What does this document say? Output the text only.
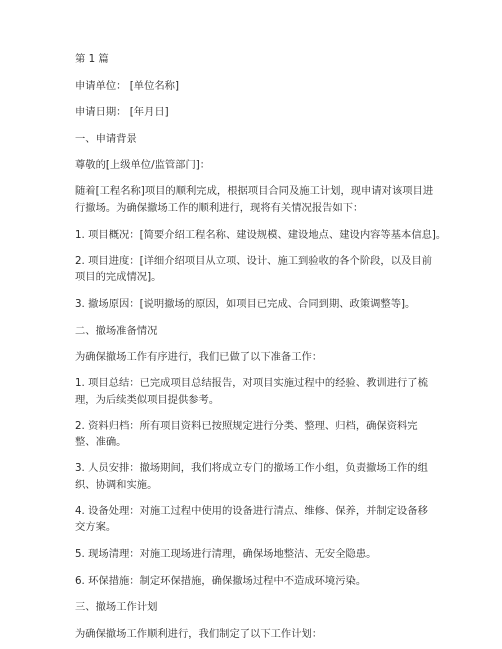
第 1 篇

申请单位： [单位名称]

申请日期： [年月日]

一、申请背景

尊敬的[上级单位/监管部门]：

随着[工程名称]项目的顺利完成，根据项目合同及施工计划，现申请对该项目进行撤场。为确保撤场工作的顺利进行，现将有关情况报告如下：

1. 项目概况：[简要介绍工程名称、建设规模、建设地点、建设内容等基本信息]。

2. 项目进度：[详细介绍项目从立项、设计、施工到验收的各个阶段，以及目前项目的完成情况]。

3. 撤场原因：[说明撤场的原因，如项目已完成、合同到期、政策调整等]。

二、撤场准备情况

为确保撤场工作有序进行，我们已做了以下准备工作：

1. 项目总结：已完成项目总结报告，对项目实施过程中的经验、教训进行了梳理，为后续类似项目提供参考。

2. 资料归档：所有项目资料已按照规定进行分类、整理、归档，确保资料完整、准确。

3. 人员安排：撤场期间，我们将成立专门的撤场工作小组，负责撤场工作的组织、协调和实施。

4. 设备处理：对施工过程中使用的设备进行清点、维修、保养，并制定设备移交方案。

5. 现场清理：对施工现场进行清理，确保场地整洁、无安全隐患。

6. 环保措施：制定环保措施，确保撤场过程中不造成环境污染。

三、撤场工作计划

为确保撤场工作顺利进行，我们制定了以下工作计划：
